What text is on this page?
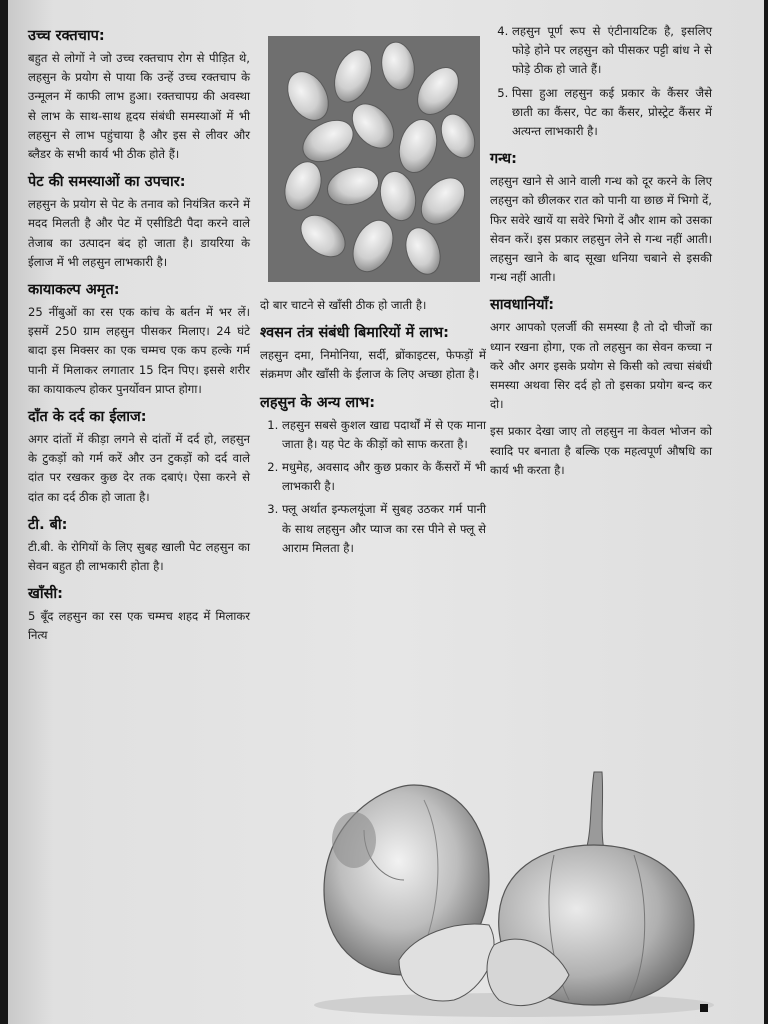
उच्च रक्तचाप:

बहुत से लोगों ने जो उच्च रक्तचाप रोग से पीड़ित थे, लहसुन के प्रयोग से पाया कि उन्हें उच्च रक्तचाप के उन्मूलन में काफी लाभ हुआ। रक्तचापग्र की अवस्था से लाभ के साथ-साथ हृदय संबंधी समस्याओं में भी लहसुन से लाभ पहुंचाया है और इस से लीवर और ब्लैडर के सभी कार्य भी ठीक होते हैं।

पेट की समस्याओं का उपचार:

लहसुन के प्रयोग से पेट के तनाव को नियंत्रित करने में मदद मिलती है और पेट में एसीडिटी पैदा करने वाले तेजाब का उत्पादन बंद हो जाता है। डायरिया के ईलाज में भी लहसुन लाभकारी है।

कायाकल्प अमृत:

25 नींबुओं का रस एक कांच के बर्तन में भर लें। इसमें 250 ग्राम लहसुन पीसकर मिलाए। 24 घंटे बादा इस मिक्सर का एक चम्मच एक कप हल्के गर्म पानी में मिलाकर लगातार 15 दिन पिए। इससे शरीर का कायाकल्प होकर पुनर्योवन प्राप्त होगा।

दाँत के दर्द का ईलाज:

अगर दांतों में कीड़ा लगने से दांतों में दर्द हो, लहसुन के टुकड़ों को गर्म करें और उन टुकड़ों को दर्द वाले दांत पर रखकर कुछ देर तक दबाएं। ऐसा करने से दांत का दर्द ठीक हो जाता है।

टी. बी:

टी.बी. के रोगियों के लिए सुबह खाली पेट लहसुन का सेवन बहुत ही लाभकारी होता है।

खाँसी:

5 बूँद लहसुन का रस एक चम्मच शहद में मिलाकर नित्य

दो बार चाटने से खाँसी ठीक हो जाती है।

श्वसन तंत्र संबंधी बिमारियों में लाभ:

लहसुन दमा, निमोनिया, सर्दी, ब्रोंकाइटस, फेफड़ों में संक्रमण और खाँसी के ईलाज के लिए अच्छा होता है।

लहसुन के अन्य लाभ:
1. लहसुन सबसे कुशल खाद्य पदार्थों में से एक माना जाता है। यह पेट के कीड़ों को साफ करता है।
2. मधुमेह, अवसाद और कुछ प्रकार के कैंसरों में भी लाभकारी है।
3. फ्लू अर्थात इन्फलयूंजा में सुबह उठकर गर्म पानी के साथ लहसुन और प्याज का रस पीने से फ्लू से आराम मिलता है।
4. लहसुन पूर्ण रूप से एंटीनायटिक है, इसलिए फोड़े होने पर लहसुन को पीसकर पट्टी बांध ने से फोड़े ठीक हो जाते हैं।
5. पिसा हुआ लहसुन कई प्रकार के कैंसर जैसे छाती का कैंसर, पेट का कैंसर, प्रोस्ट्रेट कैंसर में अत्यन्त लाभकारी है।
गन्ध:

लहसुन खाने से आने वाली गन्ध को दूर करने के लिए लहसुन को छीलकर रात को पानी या छाछ में भिगो दें, फिर सवेरे खायें या सवेरे भिगो दें और शाम को उसका सेवन करें। इस प्रकार लहसुन लेने से गन्ध नहीं आती। लहसुन खाने के बाद सूखा धनिया चबाने से इसकी गन्ध नहीं आती।

सावधानियाँ:

अगर आपको एलर्जी की समस्या है तो दो चीजों का ध्यान रखना होगा, एक तो लहसुन का सेवन कच्चा न करे और अगर इसके प्रयोग से किसी को त्वचा संबंधी समस्या अथवा सिर दर्द हो तो इसका प्रयोग बन्द कर दो।

इस प्रकार देखा जाए तो लहसुन ना केवल भोजन को स्वादि पर बनाता है बल्कि एक महत्वपूर्ण औषधि का कार्य भी करता है।
